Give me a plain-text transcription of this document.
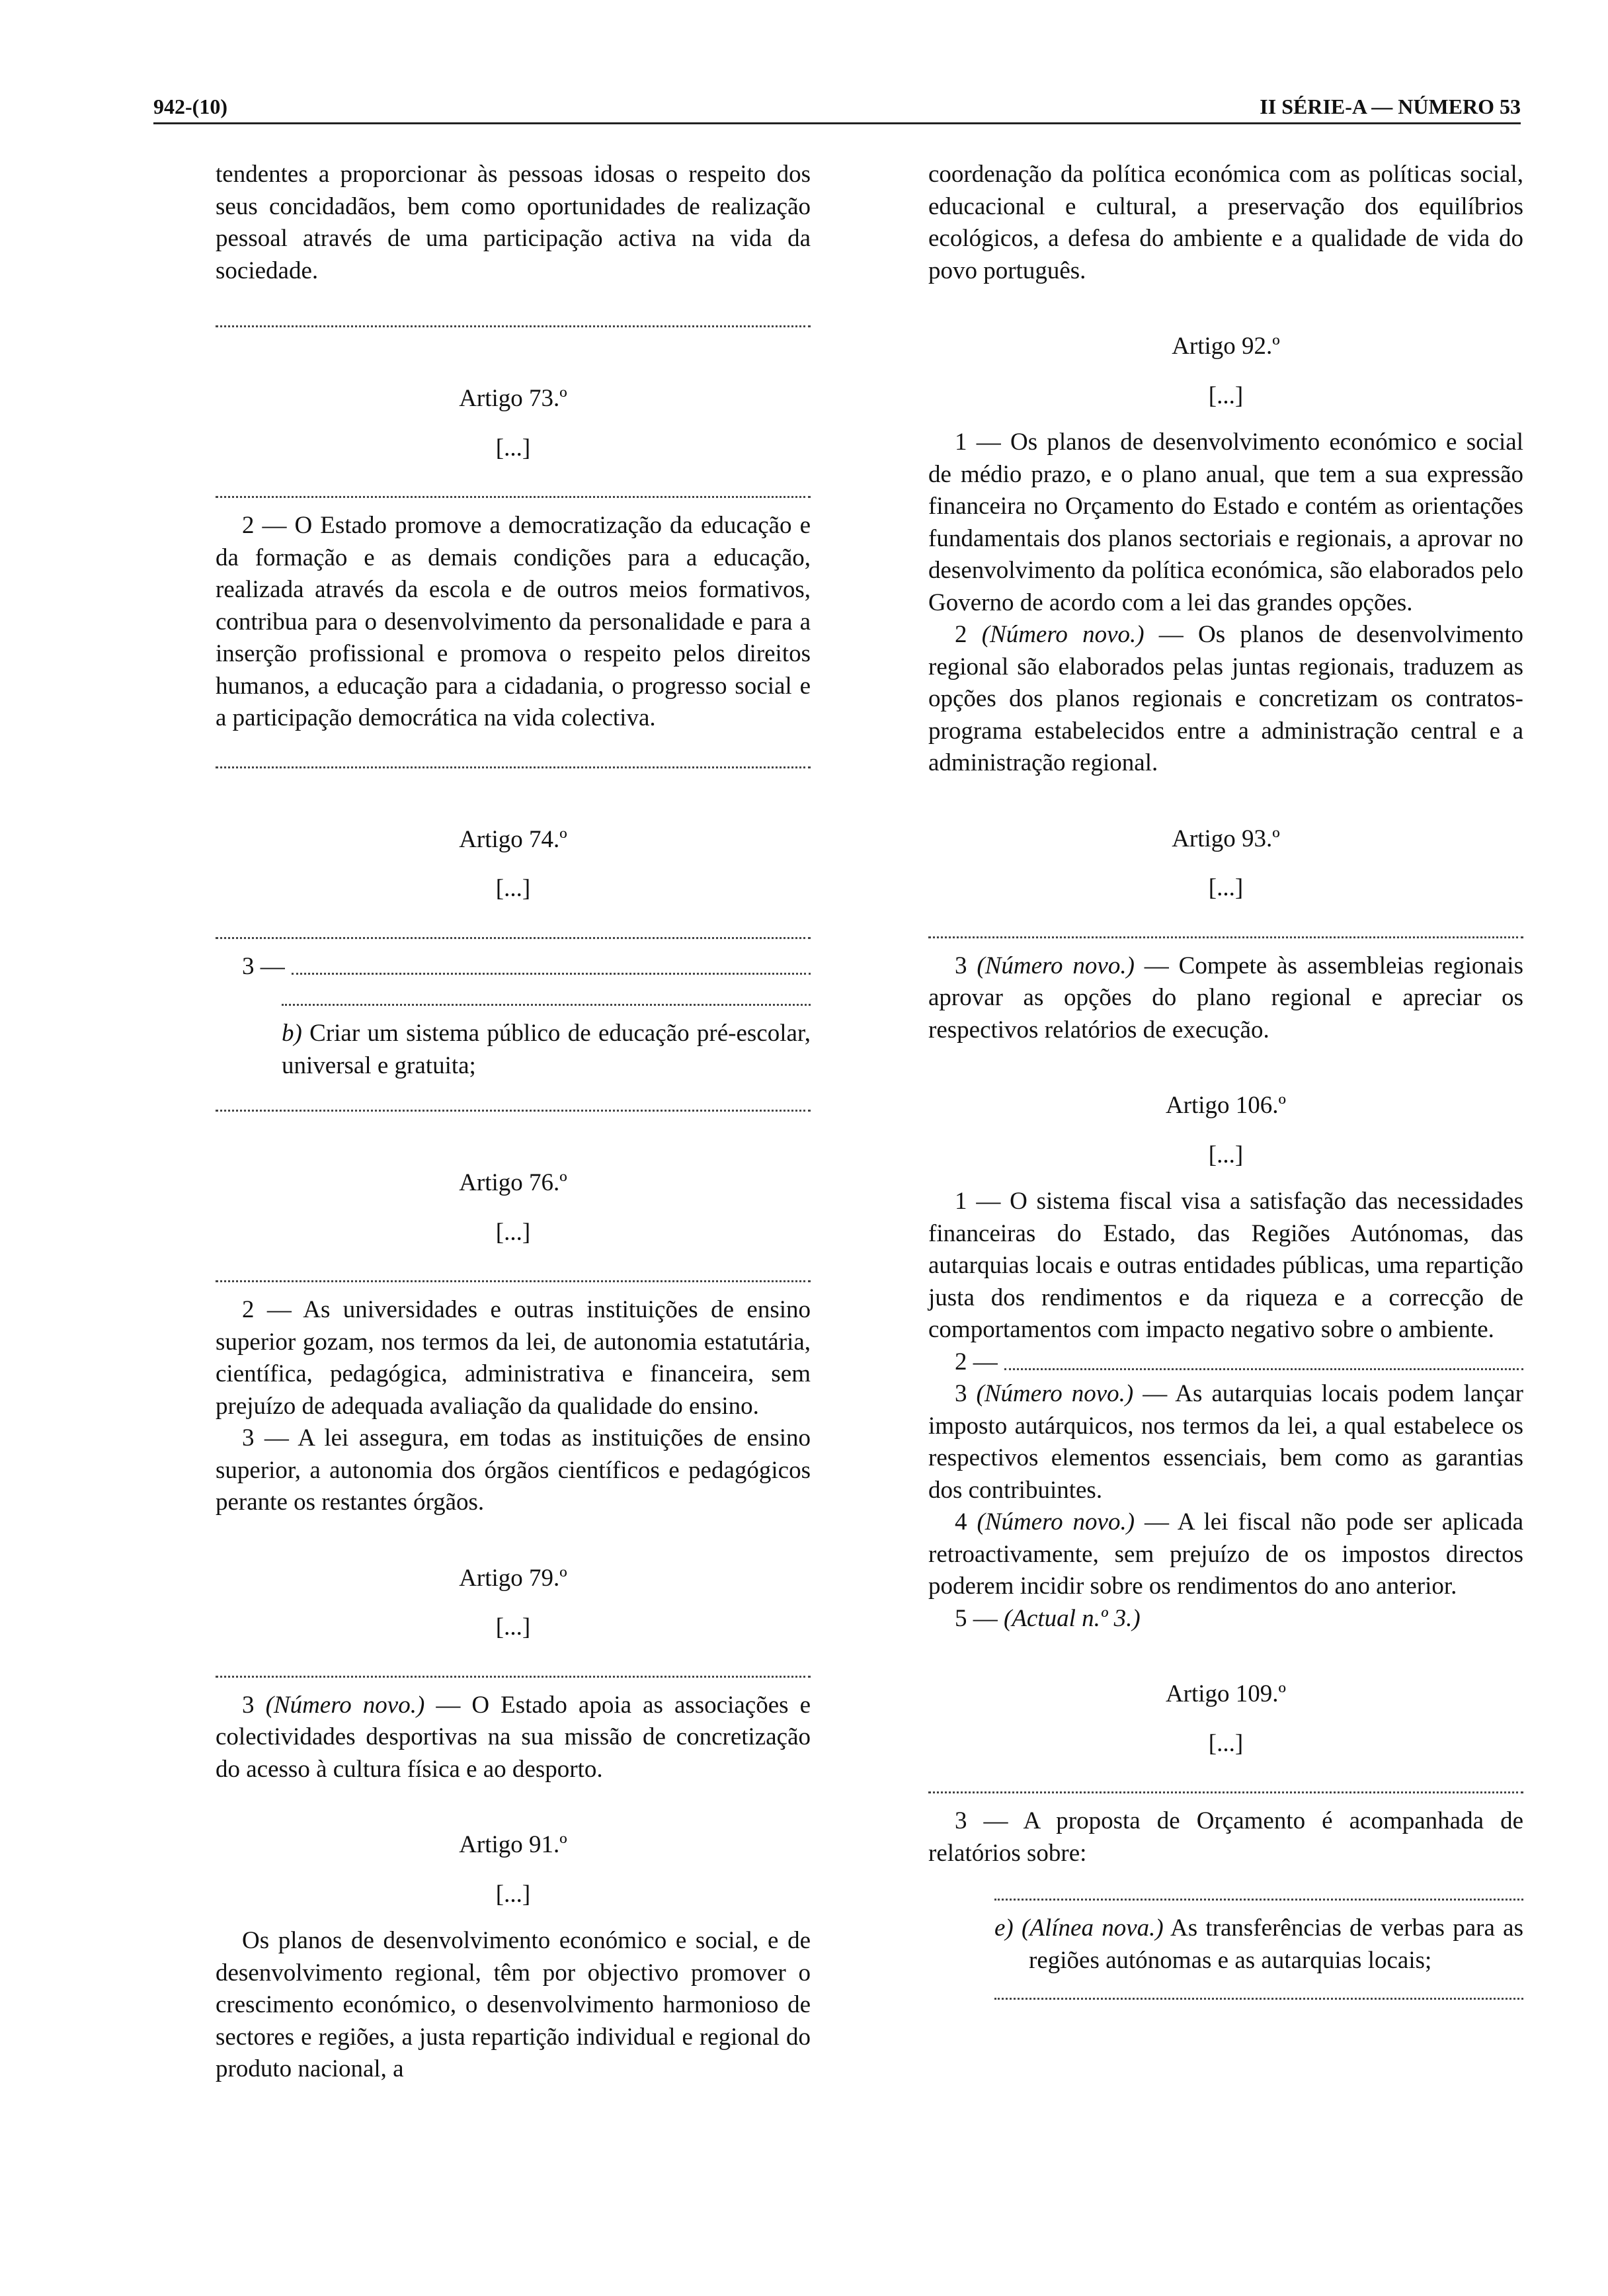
942-(10)	II SÉRIE-A — NÚMERO 53

tendentes a proporcionar às pessoas idosas o respeito dos seus concidadãos, bem como oportunidades de realização pessoal através de uma participação activa na vida da sociedade.

Artigo 73.º
[...]

2 — O Estado promove a democratização da educação e da formação e as demais condições para a educação, realizada através da escola e de outros meios formativos, contribua para o desenvolvimento da personalidade e para a inserção profissional e promova o respeito pelos direitos humanos, a educação para a cidadania, o progresso social e a participação democrática na vida colectiva.

Artigo 74.º
[...]
3 —

b) Criar um sistema público de educação pré-escolar, universal e gratuita;

Artigo 76.º
[...]

2 — As universidades e outras instituições de ensino superior gozam, nos termos da lei, de autonomia estatutária, científica, pedagógica, administrativa e financeira, sem prejuízo de adequada avaliação da qualidade do ensino.

3 — A lei assegura, em todas as instituições de ensino superior, a autonomia dos órgãos científicos e pedagógicos perante os restantes órgãos.

Artigo 79.º
[...]

3 (Número novo.) — O Estado apoia as associações e colectividades desportivas na sua missão de concretização do acesso à cultura física e ao desporto.

Artigo 91.º
[...]

Os planos de desenvolvimento económico e social, e de desenvolvimento regional, têm por objectivo promover o crescimento económico, o desenvolvimento harmonioso de sectores e regiões, a justa repartição individual e regional do produto nacional, a

coordenação da política económica com as políticas social, educacional e cultural, a preservação dos equilíbrios ecológicos, a defesa do ambiente e a qualidade de vida do povo português.

Artigo 92.º
[...]

1 — Os planos de desenvolvimento económico e social de médio prazo, e o plano anual, que tem a sua expressão financeira no Orçamento do Estado e contém as orientações fundamentais dos planos sectoriais e regionais, a aprovar no desenvolvimento da política económica, são elaborados pelo Governo de acordo com a lei das grandes opções.

2 (Número novo.) — Os planos de desenvolvimento regional são elaborados pelas juntas regionais, traduzem as opções dos planos regionais e concretizam os contratos-programa estabelecidos entre a administração central e a administração regional.

Artigo 93.º
[...]

3 (Número novo.) — Compete às assembleias regionais aprovar as opções do plano regional e apreciar os respectivos relatórios de execução.

Artigo 106.º
[...]

1 — O sistema fiscal visa a satisfação das necessidades financeiras do Estado, das Regiões Autónomas, das autarquias locais e outras entidades públicas, uma repartição justa dos rendimentos e da riqueza e a correcção de comportamentos com impacto negativo sobre o ambiente.

2 —

3 (Número novo.) — As autarquias locais podem lançar imposto autárquicos, nos termos da lei, a qual estabelece os respectivos elementos essenciais, bem como as garantias dos contribuintes.

4 (Número novo.) — A lei fiscal não pode ser aplicada retroactivamente, sem prejuízo de os impostos directos poderem incidir sobre os rendimentos do ano anterior.

5 — (Actual n.º 3.)

Artigo 109.º
[...]

3 — A proposta de Orçamento é acompanhada de relatórios sobre:

e) (Alínea nova.) As transferências de verbas para as regiões autónomas e as autarquias locais;
